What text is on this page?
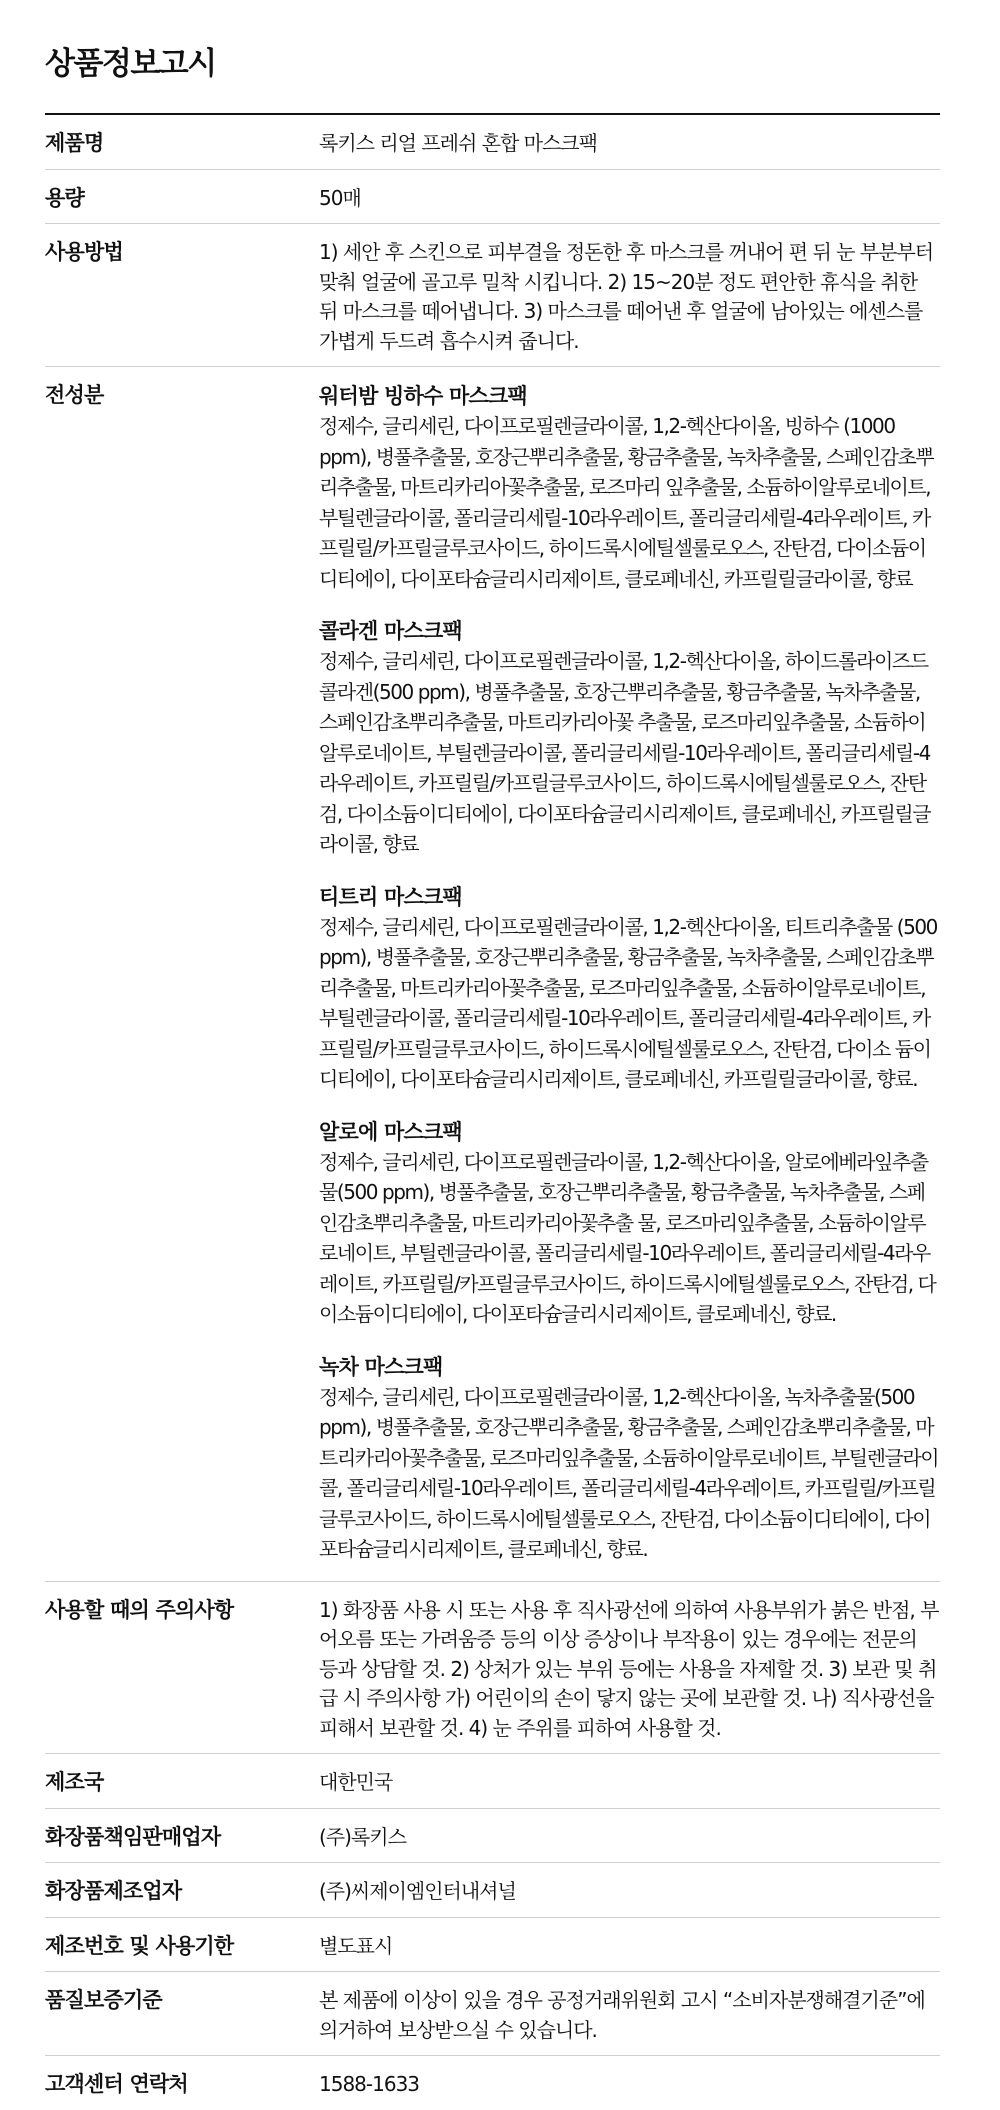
상품정보고시
제품명	록키스 리얼 프레쉬 혼합 마스크팩
용량	50매
사용방법	1) 세안 후 스킨으로 피부결을 정돈한 후 마스크를 꺼내어 편 뒤 눈 부분부터 맞춰 얼굴에 골고루 밀착 시킵니다. 2) 15~20분 정도 편안한 휴식을 취한 뒤 마스크를 떼어냅니다. 3) 마스크를 떼어낸 후 얼굴에 남아있는 에센스를 가볍게 두드려 흡수시켜 줍니다.
전성분	워터밤 빙하수 마스크팩
정제수, 글리세린, 다이프로필렌글라이콜, 1,2-헥산다이올, 빙하수 (1000 ppm), 병풀추출물, 호장근뿌리추출물, 황금추출물, 녹차추출물, 스페인감초뿌리추출물, 마트리카리아꽃추출물, 로즈마리 잎추출물, 소듐하이알루로네이트, 부틸렌글라이콜, 폴리글리세릴-10라우레이트, 폴리글리세릴-4라우레이트, 카프릴릴/카프릴글루코사이드, 하이드록시에틸셀룰로오스, 잔탄검, 다이소듐이디티에이, 다이포타슘글리시리제이트, 클로페네신, 카프릴릴글라이콜, 향료
콜라겐 마스크팩
정제수, 글리세린, 다이프로필렌글라이콜, 1,2-헥산다이올, 하이드롤라이즈드콜라겐(500 ppm), 병풀추출물, 호장근뿌리추출물, 황금추출물, 녹차추출물, 스페인감초뿌리추출물, 마트리카리아꽃 추출물, 로즈마리잎추출물, 소듐하이알루로네이트, 부틸렌글라이콜, 폴리글리세릴-10라우레이트, 폴리글리세릴-4라우레이트, 카프릴릴/카프릴글루코사이드, 하이드록시에틸셀룰로오스, 잔탄검, 다이소듐이디티에이, 다이포타슘글리시리제이트, 클로페네신, 카프릴릴글라이콜, 향료
티트리 마스크팩
정제수, 글리세린, 다이프로필렌글라이콜, 1,2-헥산다이올, 티트리추출물 (500 ppm), 병풀추출물, 호장근뿌리추출물, 황금추출물, 녹차추출물, 스페인감초뿌리추출물, 마트리카리아꽃추출물, 로즈마리잎추출물, 소듐하이알루로네이트, 부틸렌글라이콜, 폴리글리세릴-10라우레이트, 폴리글리세릴-4라우레이트, 카프릴릴/카프릴글루코사이드, 하이드록시에틸셀룰로오스, 잔탄검, 다이소 듐이디티에이, 다이포타슘글리시리제이트, 클로페네신, 카프릴릴글라이콜, 향료.
알로에 마스크팩
정제수, 글리세린, 다이프로필렌글라이콜, 1,2-헥산다이올, 알로에베라잎추출물(500 ppm), 병풀추출물, 호장근뿌리추출물, 황금추출물, 녹차추출물, 스페인감초뿌리추출물, 마트리카리아꽃추출 물, 로즈마리잎추출물, 소듐하이알루로네이트, 부틸렌글라이콜, 폴리글리세릴-10라우레이트, 폴리글리세릴-4라우레이트, 카프릴릴/카프릴글루코사이드, 하이드록시에틸셀룰로오스, 잔탄검, 다이소듐이디티에이, 다이포타슘글리시리제이트, 클로페네신, 향료.
녹차 마스크팩
정제수, 글리세린, 다이프로필렌글라이콜, 1,2-헥산다이올, 녹차추출물(500 ppm), 병풀추출물, 호장근뿌리추출물, 황금추출물, 스페인감초뿌리추출물, 마트리카리아꽃추출물, 로즈마리잎추출물, 소듐하이알루로네이트, 부틸렌글라이콜, 폴리글리세릴-10라우레이트, 폴리글리세릴-4라우레이트, 카프릴릴/카프릴글루코사이드, 하이드록시에틸셀룰로오스, 잔탄검, 다이소듐이디티에이, 다이포타슘글리시리제이트, 클로페네신, 향료.
사용할 때의 주의사항	1) 화장품 사용 시 또는 사용 후 직사광선에 의하여 사용부위가 붉은 반점, 부어오름 또는 가려움증 등의 이상 증상이나 부작용이 있는 경우에는 전문의 등과 상담할 것. 2) 상처가 있는 부위 등에는 사용을 자제할 것. 3) 보관 및 취급 시 주의사항 가) 어린이의 손이 닿지 않는 곳에 보관할 것. 나) 직사광선을 피해서 보관할 것. 4) 눈 주위를 피하여 사용할 것.
제조국	대한민국
화장품책임판매업자	(주)록키스
화장품제조업자	(주)씨제이엠인터내셔널
제조번호 및 사용기한	별도표시
품질보증기준	본 제품에 이상이 있을 경우 공정거래위원회 고시 “소비자분쟁해결기준”에 의거하여 보상받으실 수 있습니다.
고객센터 연락처	1588-1633
